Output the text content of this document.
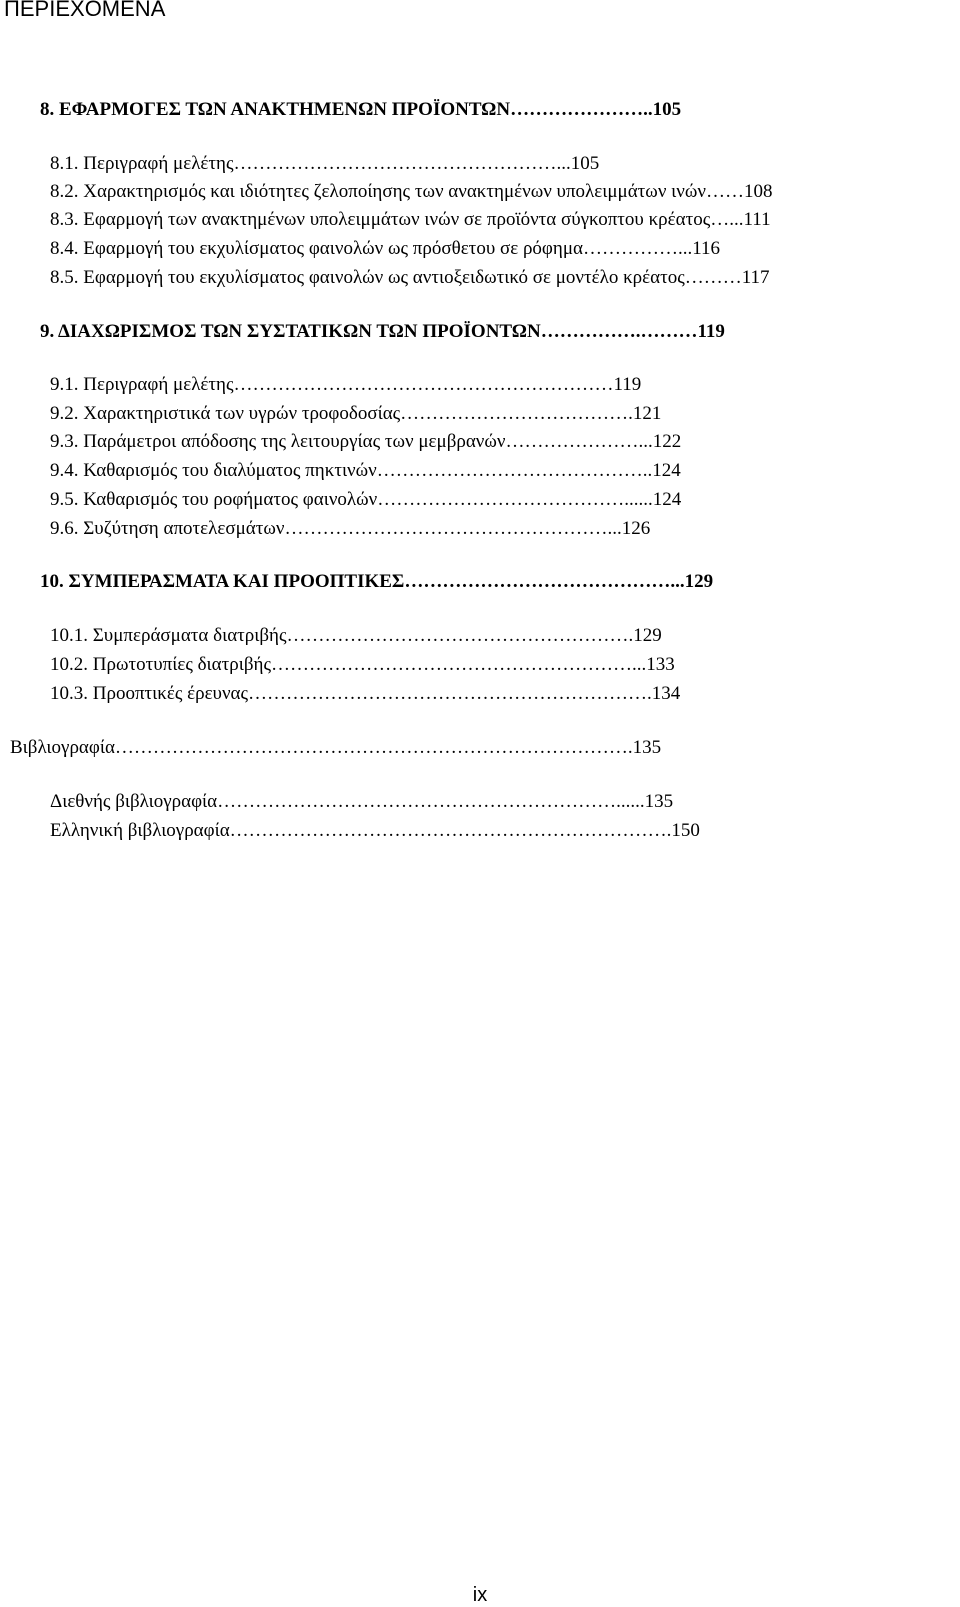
ΠΕΡΙΕΧΟΜΕΝΑ
8. ΕΦΑΡΜΟΓΕΣ ΤΩΝ ΑΝΑΚΤΗΜΕΝΩΝ ΠΡΟΪΟΝΤΩΝ…………………..105
8.1. Περιγραφή μελέτης……………………………………………...105
8.2. Χαρακτηρισμός και ιδιότητες ζελοποίησης των ανακτημένων υπολειμμάτων ινών……108
8.3. Εφαρμογή των ανακτημένων υπολειμμάτων ινών σε προϊόντα σύγκοπτου κρέατος…...111
8.4. Εφαρμογή του εκχυλίσματος φαινολών ως πρόσθετου σε ρόφημα……………...116
8.5. Εφαρμογή του εκχυλίσματος φαινολών ως αντιοξειδωτικό σε μοντέλο κρέατος………117
9. ΔΙΑΧΩΡΙΣΜΟΣ ΤΩΝ ΣΥΣΤΑΤΙΚΩΝ ΤΩΝ ΠΡΟΪΟΝΤΩΝ…………….………119
9.1. Περιγραφή μελέτης……………………………………………………119
9.2. Χαρακτηριστικά των υγρών τροφοδοσίας……………………………….121
9.3. Παράμετροι απόδοσης της λειτουργίας των μεμβρανών…………………...122
9.4. Καθαρισμός του διαλύματος πηκτινών……………………………………..124
9.5. Καθαρισμός του ροφήματος φαινολών…………………………………......124
9.6. Συζύτηση αποτελεσμάτων……………………………………………...126
10. ΣΥΜΠΕΡΑΣΜΑΤΑ ΚΑΙ ΠΡΟΟΠΤΙΚΕΣ……………………………………...129
10.1. Συμπεράσματα διατριβής……………………………………………….129
10.2. Πρωτοτυπίες διατριβής…………………………………………………...133
10.3. Προοπτικές έρευνας……………………………………………………….134
Βιβλιογραφία……………………………………………………………………….135
Διεθνής βιβλιογραφία………………………………………………………......135
Ελληνική βιβλιογραφία…………………………………………………………….150
ix
